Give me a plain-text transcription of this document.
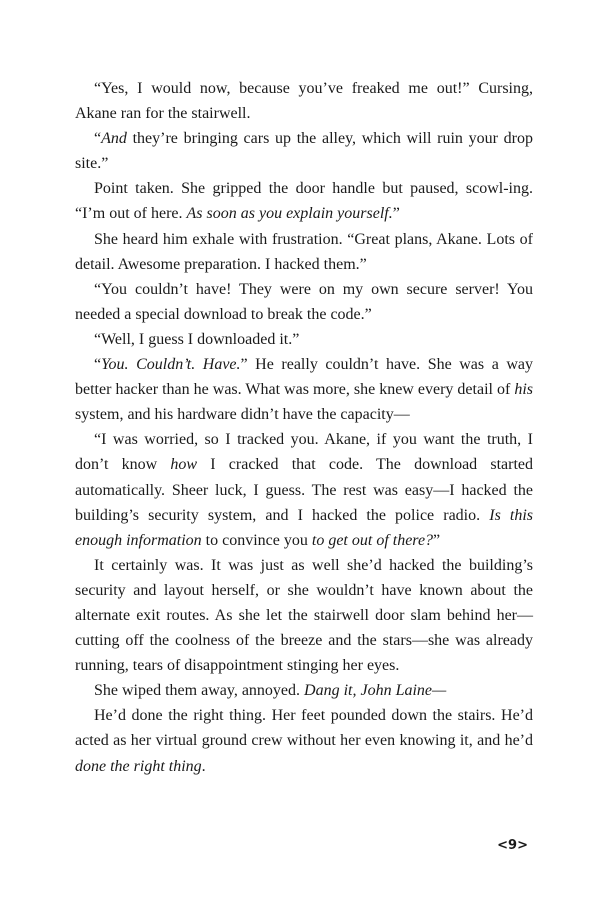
“Yes, I would now, because you’ve freaked me out!” Cursing, Akane ran for the stairwell.

“And they’re bringing cars up the alley, which will ruin your drop site.”

Point taken. She gripped the door handle but paused, scowl-ing. “I’m out of here. As soon as you explain yourself.”

She heard him exhale with frustration. “Great plans, Akane. Lots of detail. Awesome preparation. I hacked them.”

“You couldn’t have! They were on my own secure server! You needed a special download to break the code.”

“Well, I guess I downloaded it.”

“You. Couldn’t. Have.” He really couldn’t have. She was a way better hacker than he was. What was more, she knew every detail of his system, and his hardware didn’t have the capacity—

“I was worried, so I tracked you. Akane, if you want the truth, I don’t know how I cracked that code. The download started automatically. Sheer luck, I guess. The rest was easy—I hacked the building’s security system, and I hacked the police radio. Is this enough information to convince you to get out of there?”

It certainly was. It was just as well she’d hacked the building’s security and layout herself, or she wouldn’t have known about the alternate exit routes. As she let the stairwell door slam behind her—cutting off the coolness of the breeze and the stars—she was already running, tears of disappointment stinging her eyes.

She wiped them away, annoyed. Dang it, John Laine—

He’d done the right thing. Her feet pounded down the stairs. He’d acted as her virtual ground crew without her even knowing it, and he’d done the right thing.

<9>
